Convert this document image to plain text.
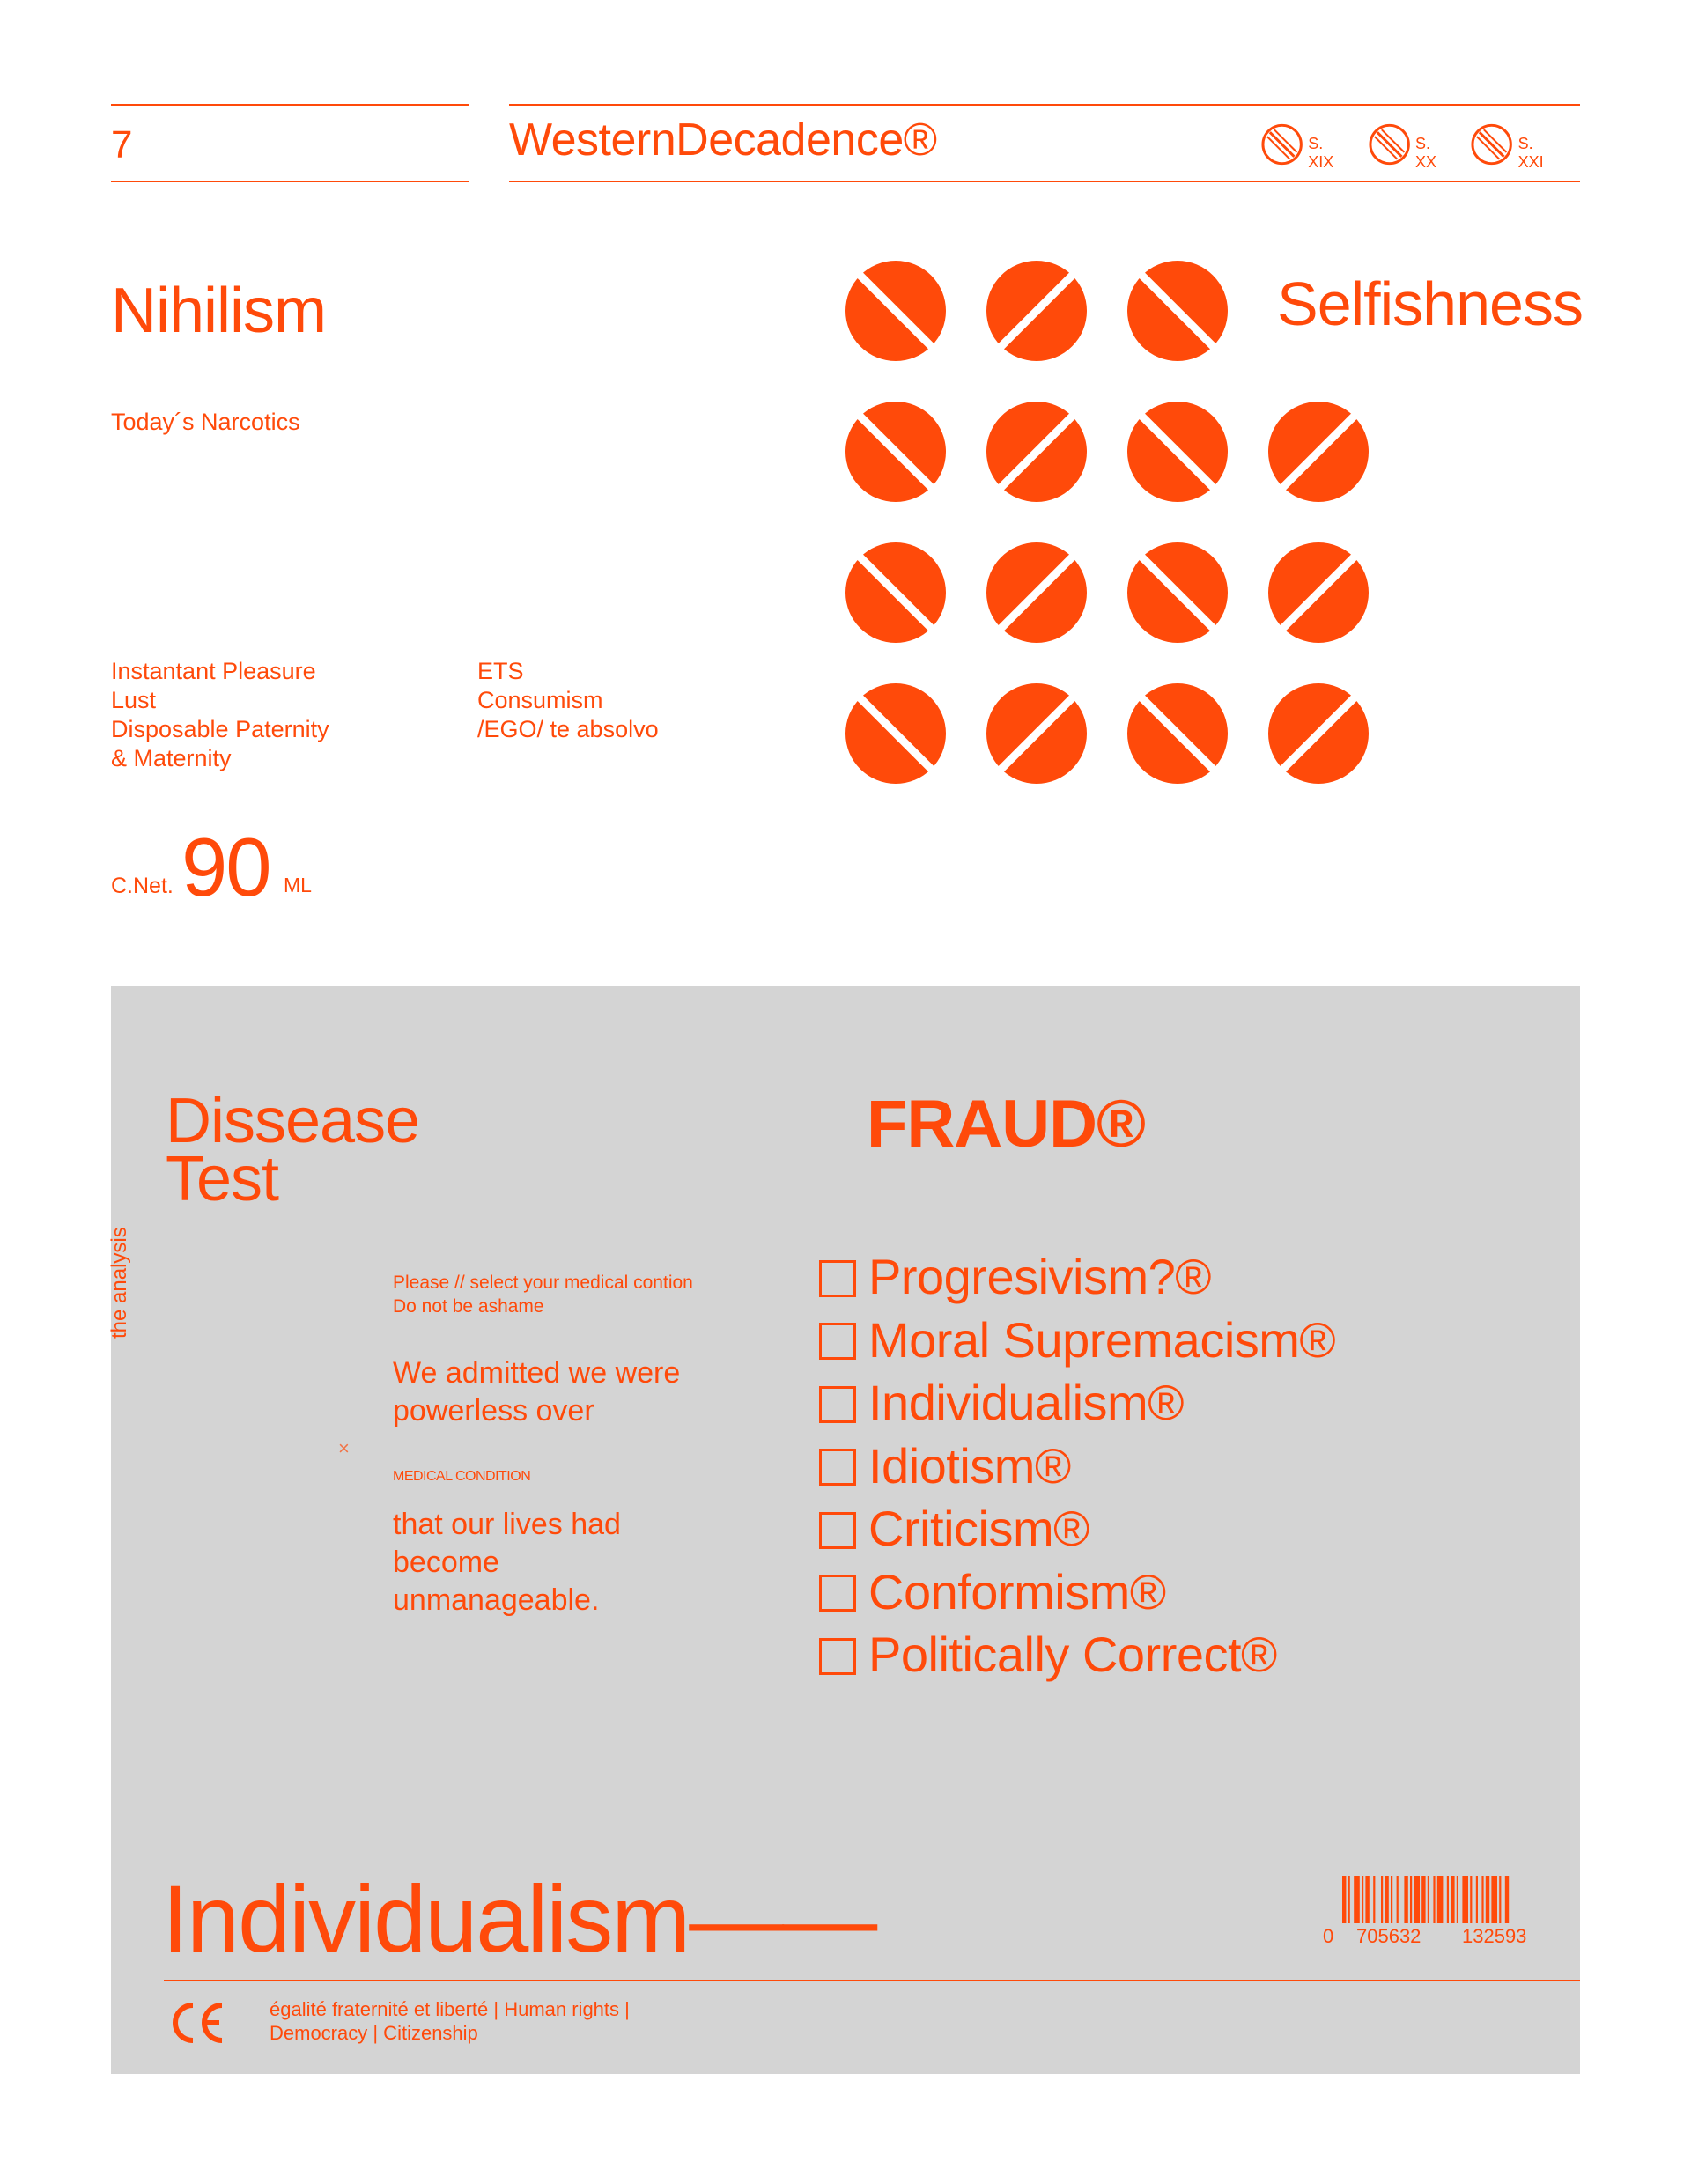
7	WesternDecadence®	S. XIX
S. XX
S. XXI
Nihilism	Selfishness
Today´s Narcotics
Instantant Pleasure
Lust
Disposable Paternity
& Maternity
ETS
Consumism
/EGO/ te absolvo
C.Net. 90 ML
Dissease
Test
FRAUD®
the analysis	Please // select your medical contion
Do not be ashame
We admitted we were
powerless over
×
MEDICAL CONDITION
that our lives had
become
unmanageable.
Progresivism?®
Moral Supremacism®
Individualism®
Idiotism®
Criticism®
Conformism®
Politically Correct®
Individualism——	0 705632 132593
égalité fraternité et liberté | Human rights |
Democracy | Citizenship
